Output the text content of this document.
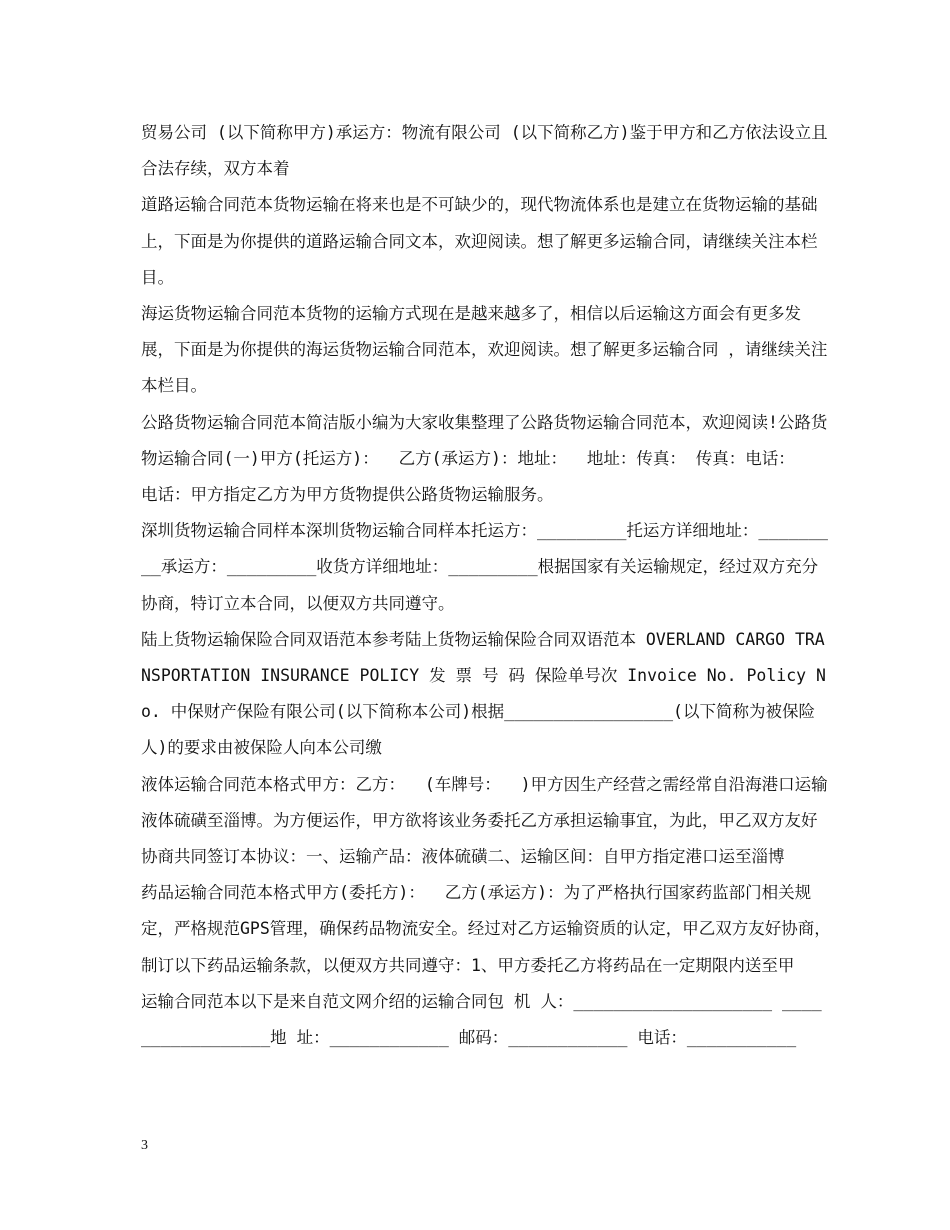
贸易公司 (以下简称甲方)承运方：物流有限公司 (以下简称乙方)鉴于甲方和乙方依法设立且合法存续，双方本着

道路运输合同范本货物运输在将来也是不可缺少的，现代物流体系也是建立在货物运输的基础上，下面是为你提供的道路运输合同文本，欢迎阅读。想了解更多运输合同，请继续关注本栏目。

海运货物运输合同范本货物的运输方式现在是越来越多了，相信以后运输这方面会有更多发展，下面是为你提供的海运货物运输合同范本，欢迎阅读。想了解更多运输合同 ，请继续关注本栏目。

公路货物运输合同范本简洁版小编为大家收集整理了公路货物运输合同范本，欢迎阅读!公路货物运输合同(一)甲方(托运方)：  乙方(承运方)：地址：  地址：传真： 传真：电话：  电话：甲方指定乙方为甲方货物提供公路货物运输服务。

深圳货物运输合同样本深圳货物运输合同样本托运方：_________托运方详细地址：_________承运方：_________收货方详细地址：_________根据国家有关运输规定，经过双方充分协商，特订立本合同，以便双方共同遵守。

陆上货物运输保险合同双语范本参考陆上货物运输保险合同双语范本 OVERLAND CARGO TRANSPORTATION INSURANCE POLICY 发 票 号 码 保险单号次 Invoice No. Policy No. 中保财产保险有限公司(以下简称本公司)根据_________________(以下简称为被保险人)的要求由被保险人向本公司缴

液体运输合同范本格式甲方：乙方：  (车牌号：  )甲方因生产经营之需经常自沿海港口运输液体硫磺至淄博。为方便运作，甲方欲将该业务委托乙方承担运输事宜，为此，甲乙双方友好协商共同签订本协议：一、运输产品：液体硫磺二、运输区间：自甲方指定港口运至淄博

药品运输合同范本格式甲方(委托方)：  乙方(承运方)：为了严格执行国家药监部门相关规定，严格规范GPS管理，确保药品物流安全。经过对乙方运输资质的认定，甲乙双方友好协商，制订以下药品运输条款，以便双方共同遵守：1、甲方委托乙方将药品在一定期限内送至甲

运输合同范本以下是来自范文网介绍的运输合同包 机 人：____________________ _________________地 址：____________ 邮码：____________ 电话：___________

3
